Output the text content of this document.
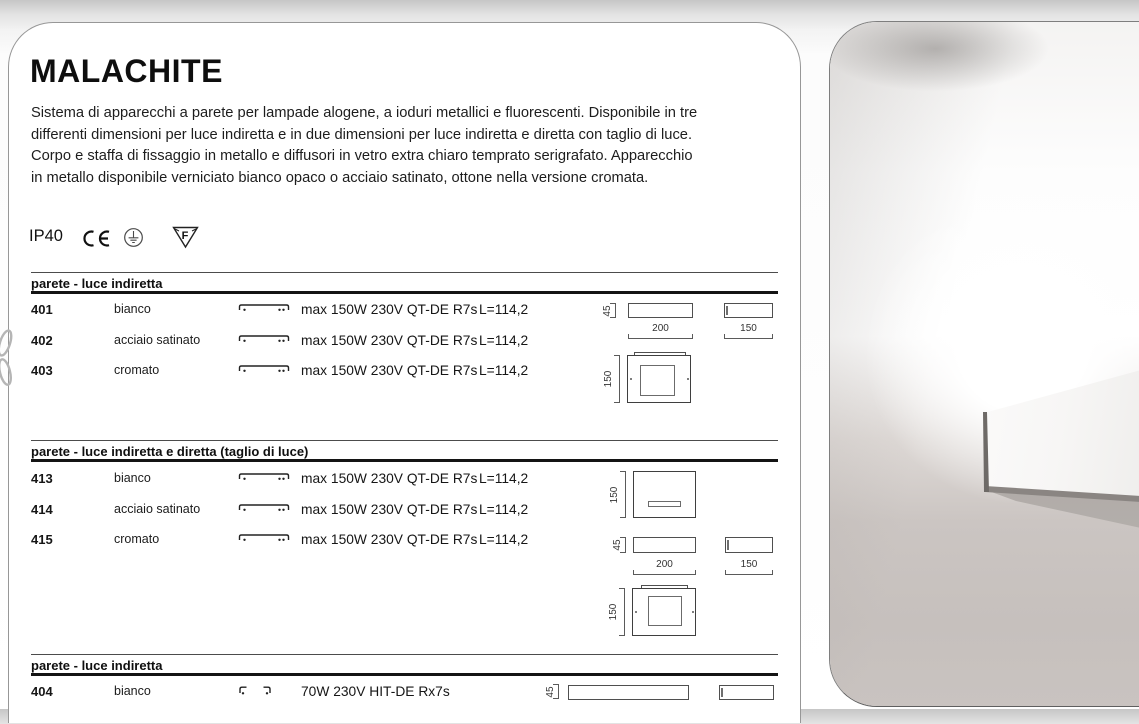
MALACHITE
Sistema di apparecchi a parete per lampade alogene, a ioduri metallici e fluorescenti. Disponibile in tre
differenti dimensioni per luce indiretta e in due dimensioni per luce indiretta e diretta con taglio di luce.
Corpo e staffa di fissaggio in metallo e diffusori in vetro extra chiaro temprato serigrafato. Apparecchio
in metallo disponibile verniciato bianco opaco o acciaio satinato, ottone nella versione cromata.
IP40	F
parete - luce indiretta
401	bianco	max 150W 230V QT-DE R7s L=114,2
402	acciaio satinato	max 150W 230V QT-DE R7s L=114,2
403	cromato	max 150W 230V QT-DE R7s L=114,2
45
200	150
150
parete - luce indiretta e diretta (taglio di luce)
413	bianco	max 150W 230V QT-DE R7s L=114,2
414	acciaio satinato	max 150W 230V QT-DE R7s L=114,2
415	cromato	max 150W 230V QT-DE R7s L=114,2
150
45
200	150
150
parete - luce indiretta
404	bianco	70W 230V HIT-DE Rx7s	45
